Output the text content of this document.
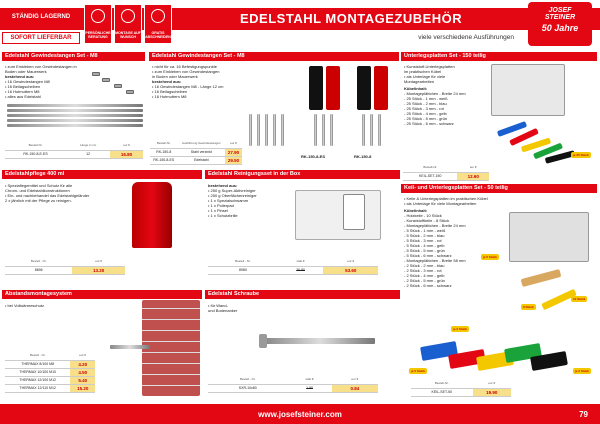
STÄNDIG LAGERND
SOFORT LIEFERBAR
PERSÖNLICHE BERATUNG
MONTAGE AUF WUNSCH
GRATIS ABSCHNEIDEN
EDELSTAHL MONTAGEZUBEHÖR
viele verschiedene Ausführungen
JOSEF
STEINER
50 Jahre
Edelstahl Gewindestangen Set - M8
• zum Einkleben von Gewindestangen in Boden oder Mauerwerk
bestehend aus:
• 16 Gewindestangen M8
• 16 Beilagscheiben
• 16 Hutmuttern M8
• alles aus Edelstahl
Bestell-Nr.	Länge in cm	eur €
RK-150-8-E-ES	12	16.80
Edelstahl Gewindestangen Set - M8
• nicht für ca. 16 Befestigungspunkte
• zum Einkleben von Gewindestangen
in Boden oder Mauerwerk
bestehend aus:
• 16 Gewindestangen M8 - Länge 12 cm
• 16 Beilagscheiben
• 16 Hutmuttern M8
Bestell-Nr.	Ausführung Gewindestangen	eur €
RK-150-8	Stahl verzinkt	27.90
RK-150-8-ES	Edelstahl	29.50
RK-150-8-ES	RK-150-8
Unterlegsplatten Set - 150 teilig
• Kunststoff-Unterlegsplatten
im praktischen Kübel
• als Unterlage für viele
Montagearbeiten
Kübelinhalt:
- Montageplättchen - Breite 24 mm
- 25 Stück - 1 mm - weiß
- 25 Stück - 2 mm - blau
- 25 Stück - 3 mm - rot
- 25 Stück - 4 mm - gelb
- 25 Stück - 5 mm - grün
- 25 Stück - 6 mm - schwarz
je 25 Stück
Bestell-Nr.	eur €
KEIL-SET-150	12.60
Edelstahlpflege 400 ml
• Speziaflegemittel und Schutz für alle
Chrom- und Edelstahlkonstruktionen
• Ein- und nachbehandel das Edelstahlgeländer
2 x jährlich mit der Pflege zu reinigen.
Bestell - Nr.	eur €
8696	13.20
Edelstahl Reinigungsset in der Box
bestehend aus:
• 250 g Super-Aktivreiniger
• 250 g Oberflächenreiniger
• 1 x Spezialschwamm
• 1 x Polierpad
• 1 x Pinsel
• 1 x Schutzbrille
Bestell - Nr.	statt €	eur €
8980	26.80	53.60
Keil- und Unterlegsplatten Set - 50 teilig
• Keile & Unterlegsplatten im praktischen Kübel
• als Unterlage für viele Montagearbeiten
Kübelinhalt:
- Holzkeile - 10 Stück
- Kunststoffkeile - 8 Stück
- Montageplättchen - Breite 24 mm
- 5 Stück - 1 mm - weiß
- 5 Stück - 2 mm - blau
- 5 Stück - 3 mm - rot
- 5 Stück - 4 mm - gelb
- 5 Stück - 5 mm - grün
- 5 Stück - 6 mm - schwarz
- Montageplättchen - Breite 58 mm
- 2 Stück - 2 mm - blau
- 2 Stück - 3 mm - rot
- 2 Stück - 4 mm - gelb
- 2 Stück - 5 mm - grün
- 2 Stück - 6 mm - schwarz
je 5 Stück
10 Stück
8 Stück
je 2 Stück
je 5 Stück	je 2 Stück
Bestell-Nr.	eur €
KEIL-SET-50	19.90
Abstandsmontagesystem
• bei Vollwärmeschutz
Bestell - Nr.	eur €
THERMAX 8/100 M8	4.20
THERMAX 10/100 M10	4.50
THERMAX 12/100 M12	5.40
THERMAX 12/110 M12	15.20
Edelstahl Schraube
• für Wand-
und Bodenanker
Bestell - Nr.	statt €	eur €
SXR-10x80	1.90	0.84
www.josefsteiner.com	79
